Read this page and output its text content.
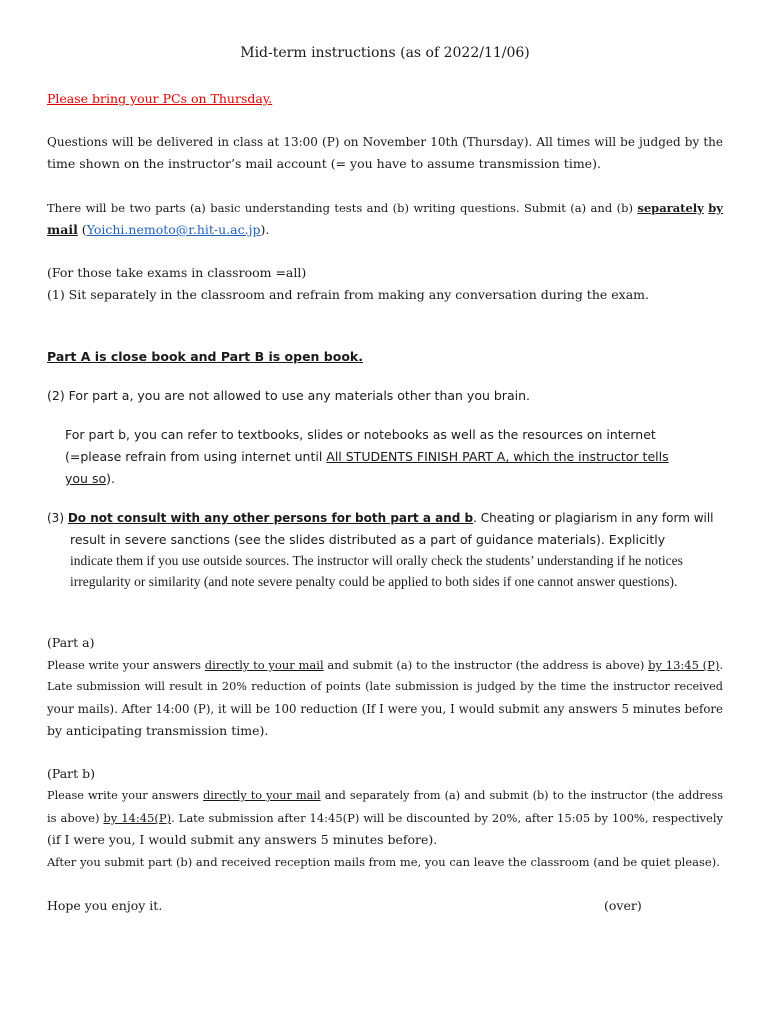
Mid-term instructions (as of 2022/11/06)
Please bring your PCs on Thursday.
Questions will be delivered in class at 13:00 (P) on November 10th (Thursday). All times will be judged by the
time shown on the instructor’s mail account (= you have to assume transmission time).
There will be two parts (a) basic understanding tests and (b) writing questions. Submit (a) and (b) separately by
mail (Yoichi.nemoto@r.hit-u.ac.jp).
(For those take exams in classroom =all)
(1) Sit separately in the classroom and refrain from making any conversation during the exam.
Part A is close book and Part B is open book.
(2) For part a, you are not allowed to use any materials other than you brain.
For part b, you can refer to textbooks, slides or notebooks as well as the resources on internet
(=please refrain from using internet until All STUDENTS FINISH PART A, which the instructor tells
you so).
(3) Do not consult with any other persons for both part a and b. Cheating or plagiarism in any form will
result in severe sanctions (see the slides distributed as a part of guidance materials). Explicitly
indicate them if you use outside sources. The instructor will orally check the students’ understanding if he notices
irregularity or similarity (and note severe penalty could be applied to both sides if one cannot answer questions).
(Part a)
Please write your answers directly to your mail and submit (a) to the instructor (the address is above) by 13:45 (P).
Late submission will result in 20% reduction of points (late submission is judged by the time the instructor received
your mails). After 14:00 (P), it will be 100 reduction (If I were you, I would submit any answers 5 minutes before
by anticipating transmission time).
(Part b)
Please write your answers directly to your mail and separately from (a) and submit (b) to the instructor (the address
is above) by 14:45(P). Late submission after 14:45(P) will be discounted by 20%, after 15:05 by 100%, respectively
(if I were you, I would submit any answers 5 minutes before).
After you submit part (b) and received reception mails from me, you can leave the classroom (and be quiet please).
Hope you enjoy it.	(over)
